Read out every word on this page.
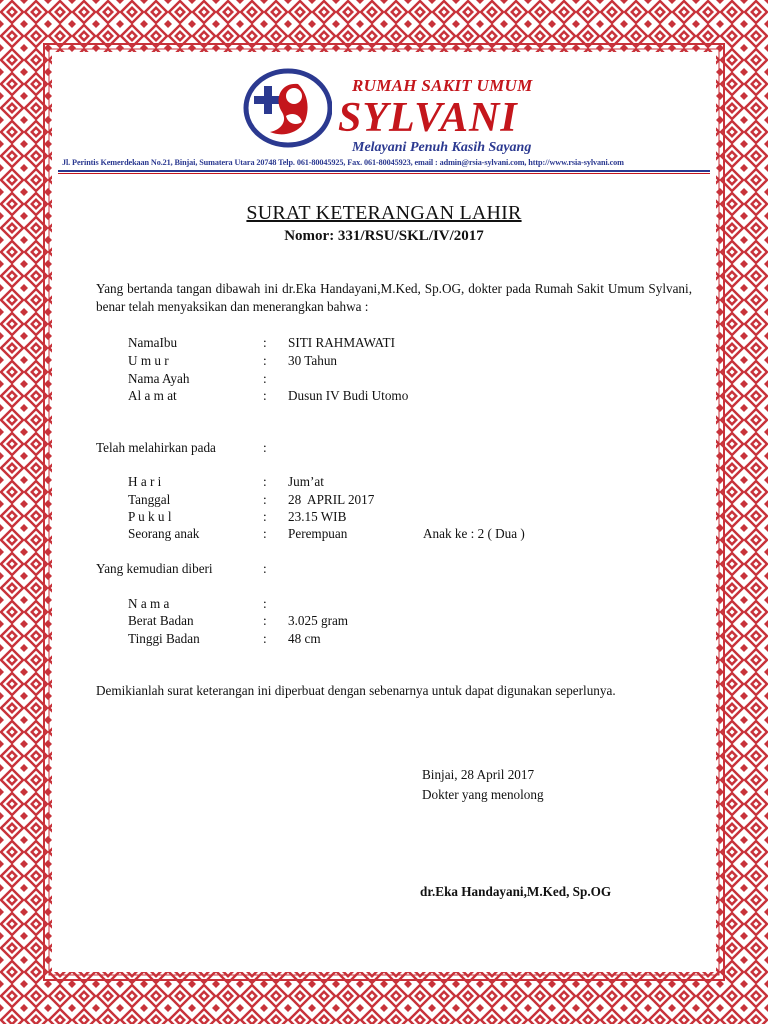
RUMAH SAKIT UMUM
SYLVANI
Melayani Penuh Kasih Sayang
Jl. Perintis Kemerdekaan No.21, Binjai, Sumatera Utara 20748 Telp. 061-80045925, Fax. 061-80045923, email : admin@rsia-sylvani.com, http://www.rsia-sylvani.com
SURAT KETERANGAN LAHIR
Nomor: 331/RSU/SKL/IV/2017
Yang bertanda tangan dibawah ini dr.Eka Handayani,M.Ked, Sp.OG, dokter pada Rumah Sakit Umum Sylvani, benar telah menyaksikan dan menerangkan bahwa :
NamaIbu	: SITI RAHMAWATI
U m u r	: 30 Tahun
Nama Ayah	:
Al a m at	: Dusun IV Budi Utomo
Telah melahirkan pada	:
H a r i	: Jum’at
Tanggal	: 28  APRIL 2017
P u k u l	: 23.15 WIB
Seorang anak	: Perempuan	Anak ke : 2 ( Dua )
Yang kemudian diberi	:
N a m a	:
Berat Badan	: 3.025 gram
Tinggi Badan	: 48 cm
Demikianlah surat keterangan ini diperbuat dengan sebenarnya untuk dapat digunakan seperlunya.
Binjai, 28 April 2017
Dokter yang menolong
dr.Eka Handayani,M.Ked, Sp.OG
